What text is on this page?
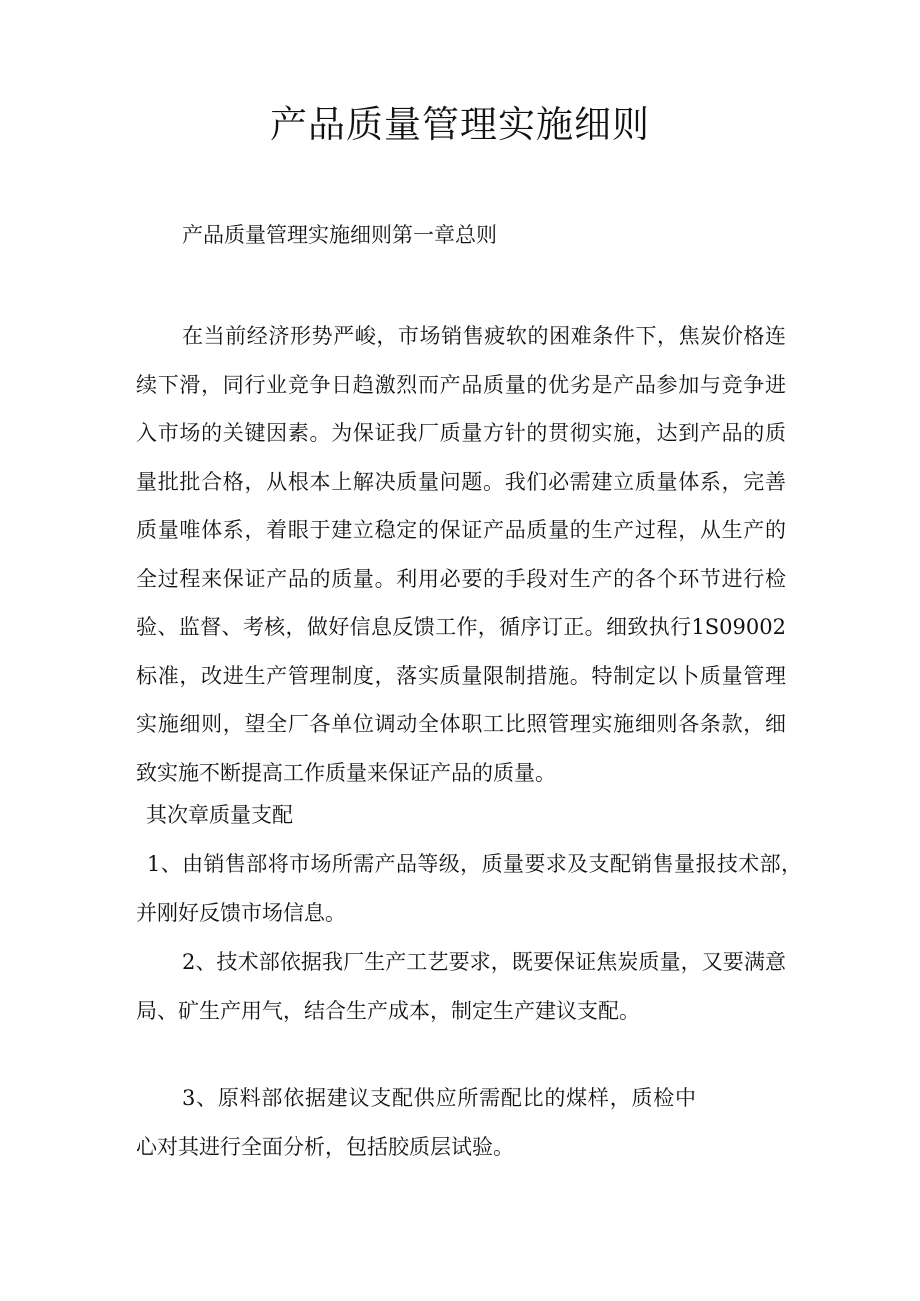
产品质量管理实施细则

产品质量管理实施细则第一章总则

在当前经济形势严峻，市场销售疲软的困难条件下，焦炭价格连续下滑，同行业竞争日趋激烈而产品质量的优劣是产品参加与竞争进入市场的关键因素。为保证我厂质量方针的贯彻实施，达到产品的质量批批合格，从根本上解决质量问题。我们必需建立质量体系，完善质量唯体系，着眼于建立稳定的保证产品质量的生产过程，从生产的全过程来保证产品的质量。利用必要的手段对生产的各个环节进行检验、监督、考核，做好信息反馈工作，循序订正。细致执行1S09002标准，改进生产管理制度，落实质量限制措施。特制定以卜质量管理实施细则，望全厂各单位调动全体职工比照管理实施细则各条款，细致实施不断提高工作质量来保证产品的质量。

其次章质量支配

1、由销售部将市场所需产品等级，质量要求及支配销售量报技术部，并刚好反馈市场信息。

2、技术部依据我厂生产工艺要求，既要保证焦炭质量，又要满意局、矿生产用气，结合生产成本，制定生产建议支配。

3、原料部依据建议支配供应所需配比的煤样，质检中心对其进行全面分析，包括胶质层试验。
